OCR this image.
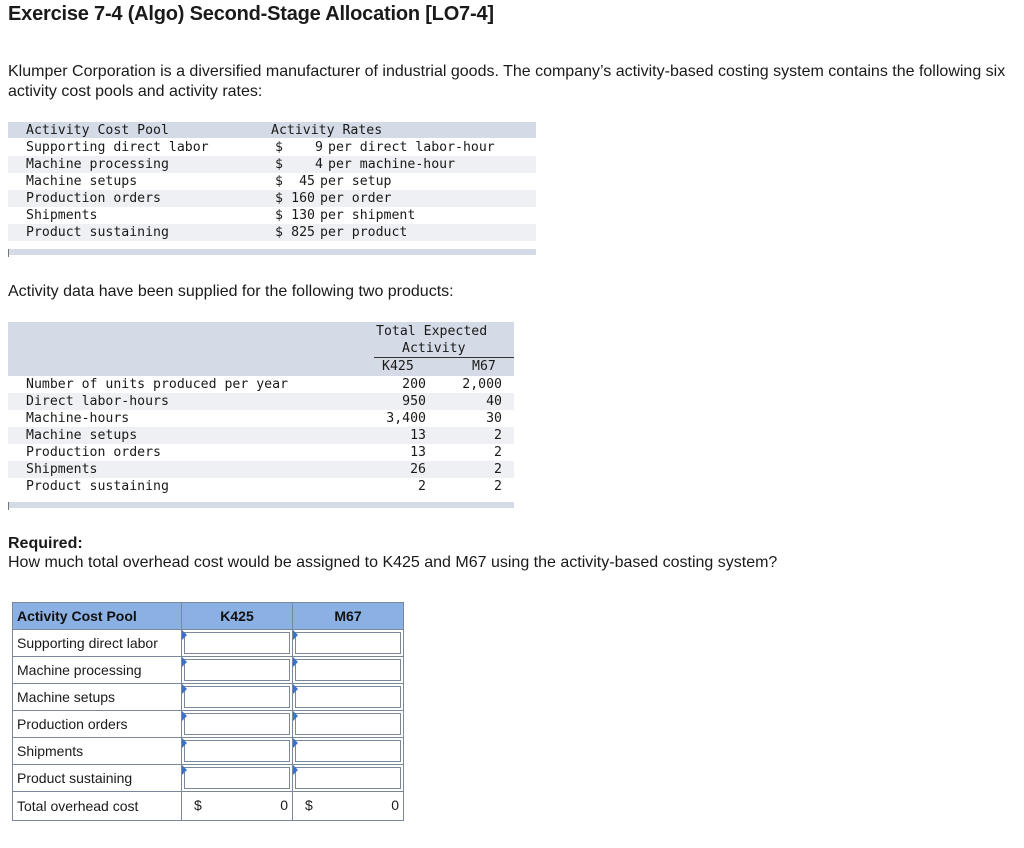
Exercise 7-4 (Algo) Second-Stage Allocation [LO7-4]
Klumper Corporation is a diversified manufacturer of industrial goods. The company’s activity-based costing system contains the following six activity cost pools and activity rates:
Activity Cost Pool	Activity Rates
Supporting direct labor	$	9 per direct labor-hour
Machine processing	$	4 per machine-hour
Machine setups	$	45 per setup
Production orders	$ 160 per order
Shipments	$ 130 per shipment
Product sustaining	$ 825 per product
Activity data have been supplied for the following two products:
Total Expected
Activity
K425	M67
Number of units produced per year	200	2,000
Direct labor-hours	950	40
Machine-hours	3,400	30
Machine setups	13	2
Production orders	13	2
Shipments	26	2
Product sustaining	2	2
Required:
How much total overhead cost would be assigned to K425 and M67 using the activity-based costing system?
Activity Cost Pool	K425	M67
Supporting direct labor	

Machine processing	

Machine setups	

Production orders	

Shipments	

Product sustaining	

Total overhead cost	$ 0	$ 0
